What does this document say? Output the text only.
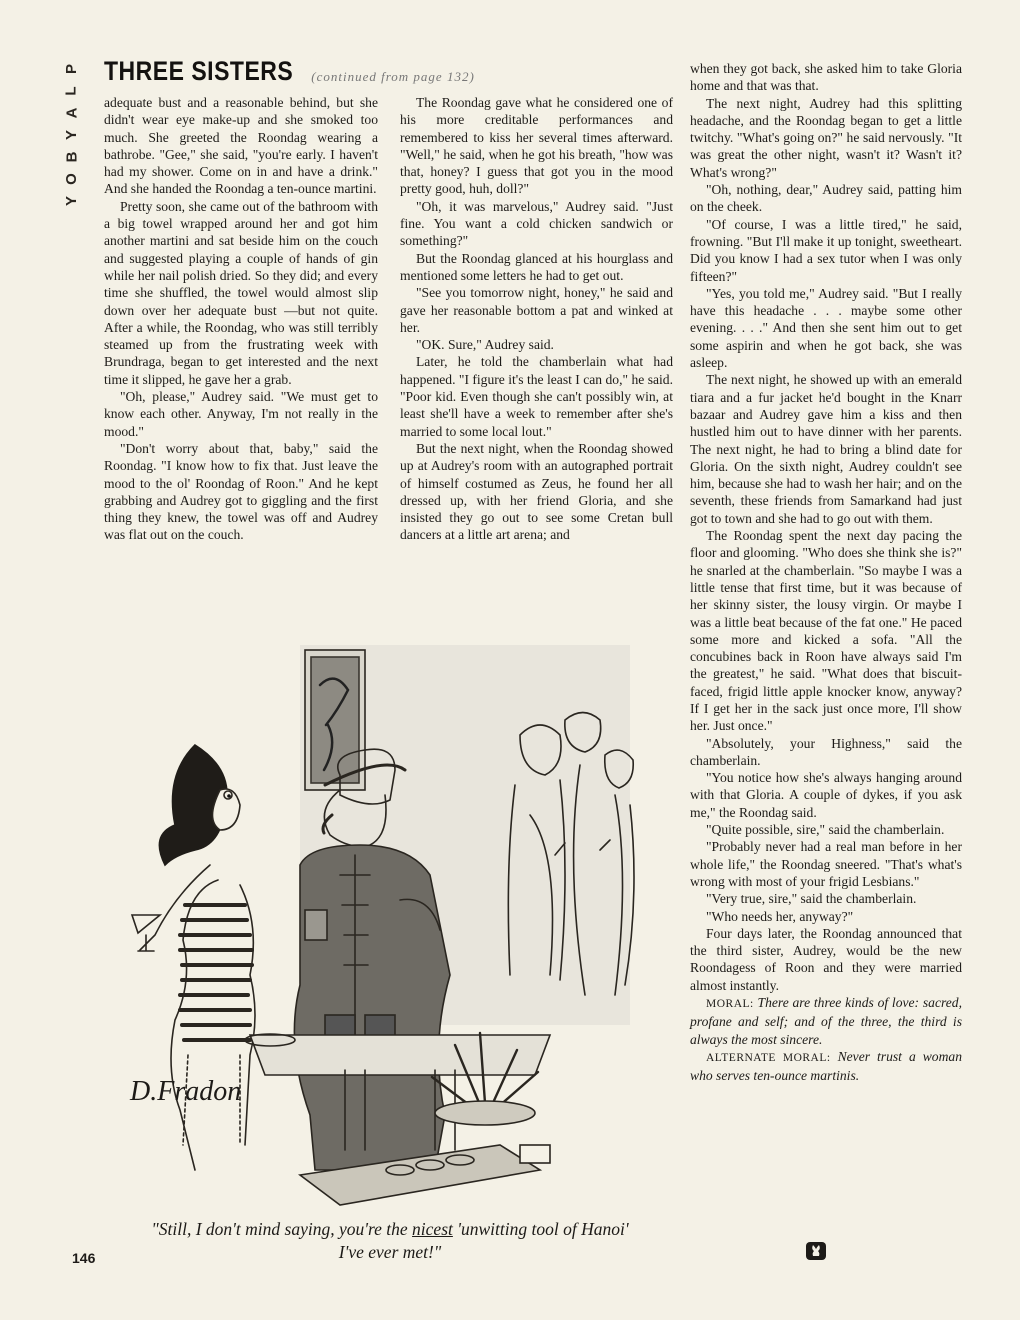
P
L
A
Y
B
O
Y
THREE SISTERS (continued from page 132)

adequate bust and a reasonable behind, but she didn't wear eye make-up and she smoked too much. She greeted the Roondag wearing a bathrobe. "Gee," she said, "you're early. I haven't had my shower. Come on in and have a drink." And she handed the Roondag a ten-ounce martini.

Pretty soon, she came out of the bathroom with a big towel wrapped around her and got him another martini and sat beside him on the couch and suggested playing a couple of hands of gin while her nail polish dried. So they did; and every time she shuffled, the towel would almost slip down over her adequate bust —but not quite. After a while, the Roondag, who was still terribly steamed up from the frustrating week with Brundraga, began to get interested and the next time it slipped, he gave her a grab.

"Oh, please," Audrey said. "We must get to know each other. Anyway, I'm not really in the mood."

"Don't worry about that, baby," said the Roondag. "I know how to fix that. Just leave the mood to the ol' Roondag of Roon." And he kept grabbing and Audrey got to giggling and the first thing they knew, the towel was off and Audrey was flat out on the couch.

The Roondag gave what he considered one of his more creditable performances and remembered to kiss her several times afterward. "Well," he said, when he got his breath, "how was that, honey? I guess that got you in the mood pretty good, huh, doll?"

"Oh, it was marvelous," Audrey said. "Just fine. You want a cold chicken sandwich or something?"

But the Roondag glanced at his hourglass and mentioned some letters he had to get out.

"See you tomorrow night, honey," he said and gave her reasonable bottom a pat and winked at her.

"OK. Sure," Audrey said.

Later, he told the chamberlain what had happened. "I figure it's the least I can do," he said. "Poor kid. Even though she can't possibly win, at least she'll have a week to remember after she's married to some local lout."

But the next night, when the Roondag showed up at Audrey's room with an autographed portrait of himself costumed as Zeus, he found her all dressed up, with her friend Gloria, and she insisted they go out to see some Cretan bull dancers at a little art arena; and

when they got back, she asked him to take Gloria home and that was that.

The next night, Audrey had this splitting headache, and the Roondag began to get a little twitchy. "What's going on?" he said nervously. "It was great the other night, wasn't it? Wasn't it? What's wrong?"

"Oh, nothing, dear," Audrey said, patting him on the cheek.

"Of course, I was a little tired," he said, frowning. "But I'll make it up tonight, sweetheart. Did you know I had a sex tutor when I was only fifteen?"

"Yes, you told me," Audrey said. "But I really have this headache . . . maybe some other evening. . . ." And then she sent him out to get some aspirin and when he got back, she was asleep.

The next night, he showed up with an emerald tiara and a fur jacket he'd bought in the Knarr bazaar and Audrey gave him a kiss and then hustled him out to have dinner with her parents. The next night, he had to bring a blind date for Gloria. On the sixth night, Audrey couldn't see him, because she had to wash her hair; and on the seventh, these friends from Samarkand had just got to town and she had to go out with them.

The Roondag spent the next day pacing the floor and glooming. "Who does she think she is?" he snarled at the chamberlain. "So maybe I was a little tense that first time, but it was because of her skinny sister, the lousy virgin. Or maybe I was a little beat because of the fat one." He paced some more and kicked a sofa. "All the concubines back in Roon have always said I'm the greatest," he said. "What does that biscuit-faced, frigid little apple knocker know, anyway? If I get her in the sack just once more, I'll show her. Just once."

"Absolutely, your Highness," said the chamberlain.

"You notice how she's always hanging around with that Gloria. A couple of dykes, if you ask me," the Roondag said.

"Quite possible, sire," said the chamberlain.

"Probably never had a real man before in her whole life," the Roondag sneered. "That's what's wrong with most of your frigid Lesbians."

"Very true, sire," said the chamberlain.

"Who needs her, anyway?"

Four days later, the Roondag announced that the third sister, Audrey, would be the new Roondagess of Roon and they were married almost instantly.

MORAL: There are three kinds of love: sacred, profane and self; and of the three, the third is always the most sincere.

ALTERNATE MORAL: Never trust a woman who serves ten-ounce martinis.

D.Fradon
"Still, I don't mind saying, you're the nicest 'unwitting tool of Hanoi' I've ever met!"
146
